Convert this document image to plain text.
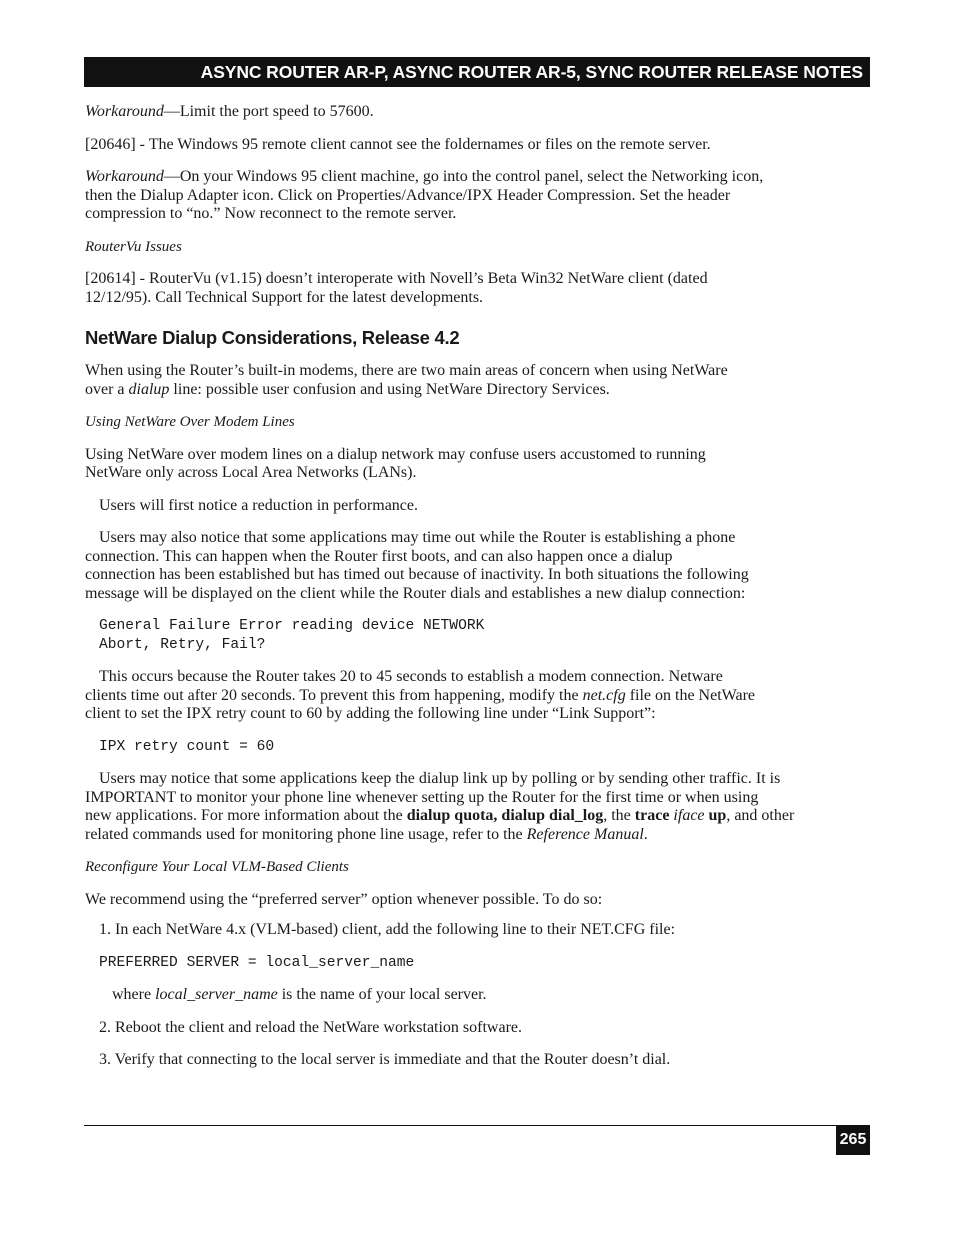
ASYNC ROUTER AR-P, ASYNC ROUTER AR-5, SYNC ROUTER RELEASE NOTES

Workaround—Limit the port speed to 57600.

[20646] - The Windows 95 remote client cannot see the foldernames or files on the remote server.

Workaround—On your Windows 95 client machine, go into the control panel, select the Networking icon,
then the Dialup Adapter icon. Click on Properties/Advance/IPX Header Compression. Set the header
compression to “no.” Now reconnect to the remote server.

RouterVu Issues

[20614] - RouterVu (v1.15) doesn’t interoperate with Novell’s Beta Win32 NetWare client (dated
12/12/95). Call Technical Support for the latest developments.

NetWare Dialup Considerations, Release 4.2

When using the Router’s built-in modems, there are two main areas of concern when using NetWare
over a dialup line: possible user confusion and using NetWare Directory Services.

Using NetWare Over Modem Lines

Using NetWare over modem lines on a dialup network may confuse users accustomed to running
NetWare only across Local Area Networks (LANs).

Users will first notice a reduction in performance.

Users may also notice that some applications may time out while the Router is establishing a phone
connection. This can happen when the Router first boots, and can also happen once a dialup
connection has been established but has timed out because of inactivity. In both situations the following
message will be displayed on the client while the Router dials and establishes a new dialup connection:

General Failure Error reading device NETWORK
Abort, Retry, Fail?

This occurs because the Router takes 20 to 45 seconds to establish a modem connection. Netware
clients time out after 20 seconds. To prevent this from happening, modify the net.cfg file on the NetWare
client to set the IPX retry count to 60 by adding the following line under “Link Support”:

IPX retry count = 60

Users may notice that some applications keep the dialup link up by polling or by sending other traffic. It is
IMPORTANT to monitor your phone line whenever setting up the Router for the first time or when using
new applications. For more information about the dialup quota, dialup dial_log, the trace iface up, and other
related commands used for monitoring phone line usage, refer to the Reference Manual.

Reconfigure Your Local VLM-Based Clients

We recommend using the “preferred server” option whenever possible. To do so:

1. In each NetWare 4.x (VLM-based) client, add the following line to their NET.CFG file:

PREFERRED SERVER = local_server_name

where local_server_name is the name of your local server.

2. Reboot the client and reload the NetWare workstation software.

3. Verify that connecting to the local server is immediate and that the Router doesn’t dial.

265
